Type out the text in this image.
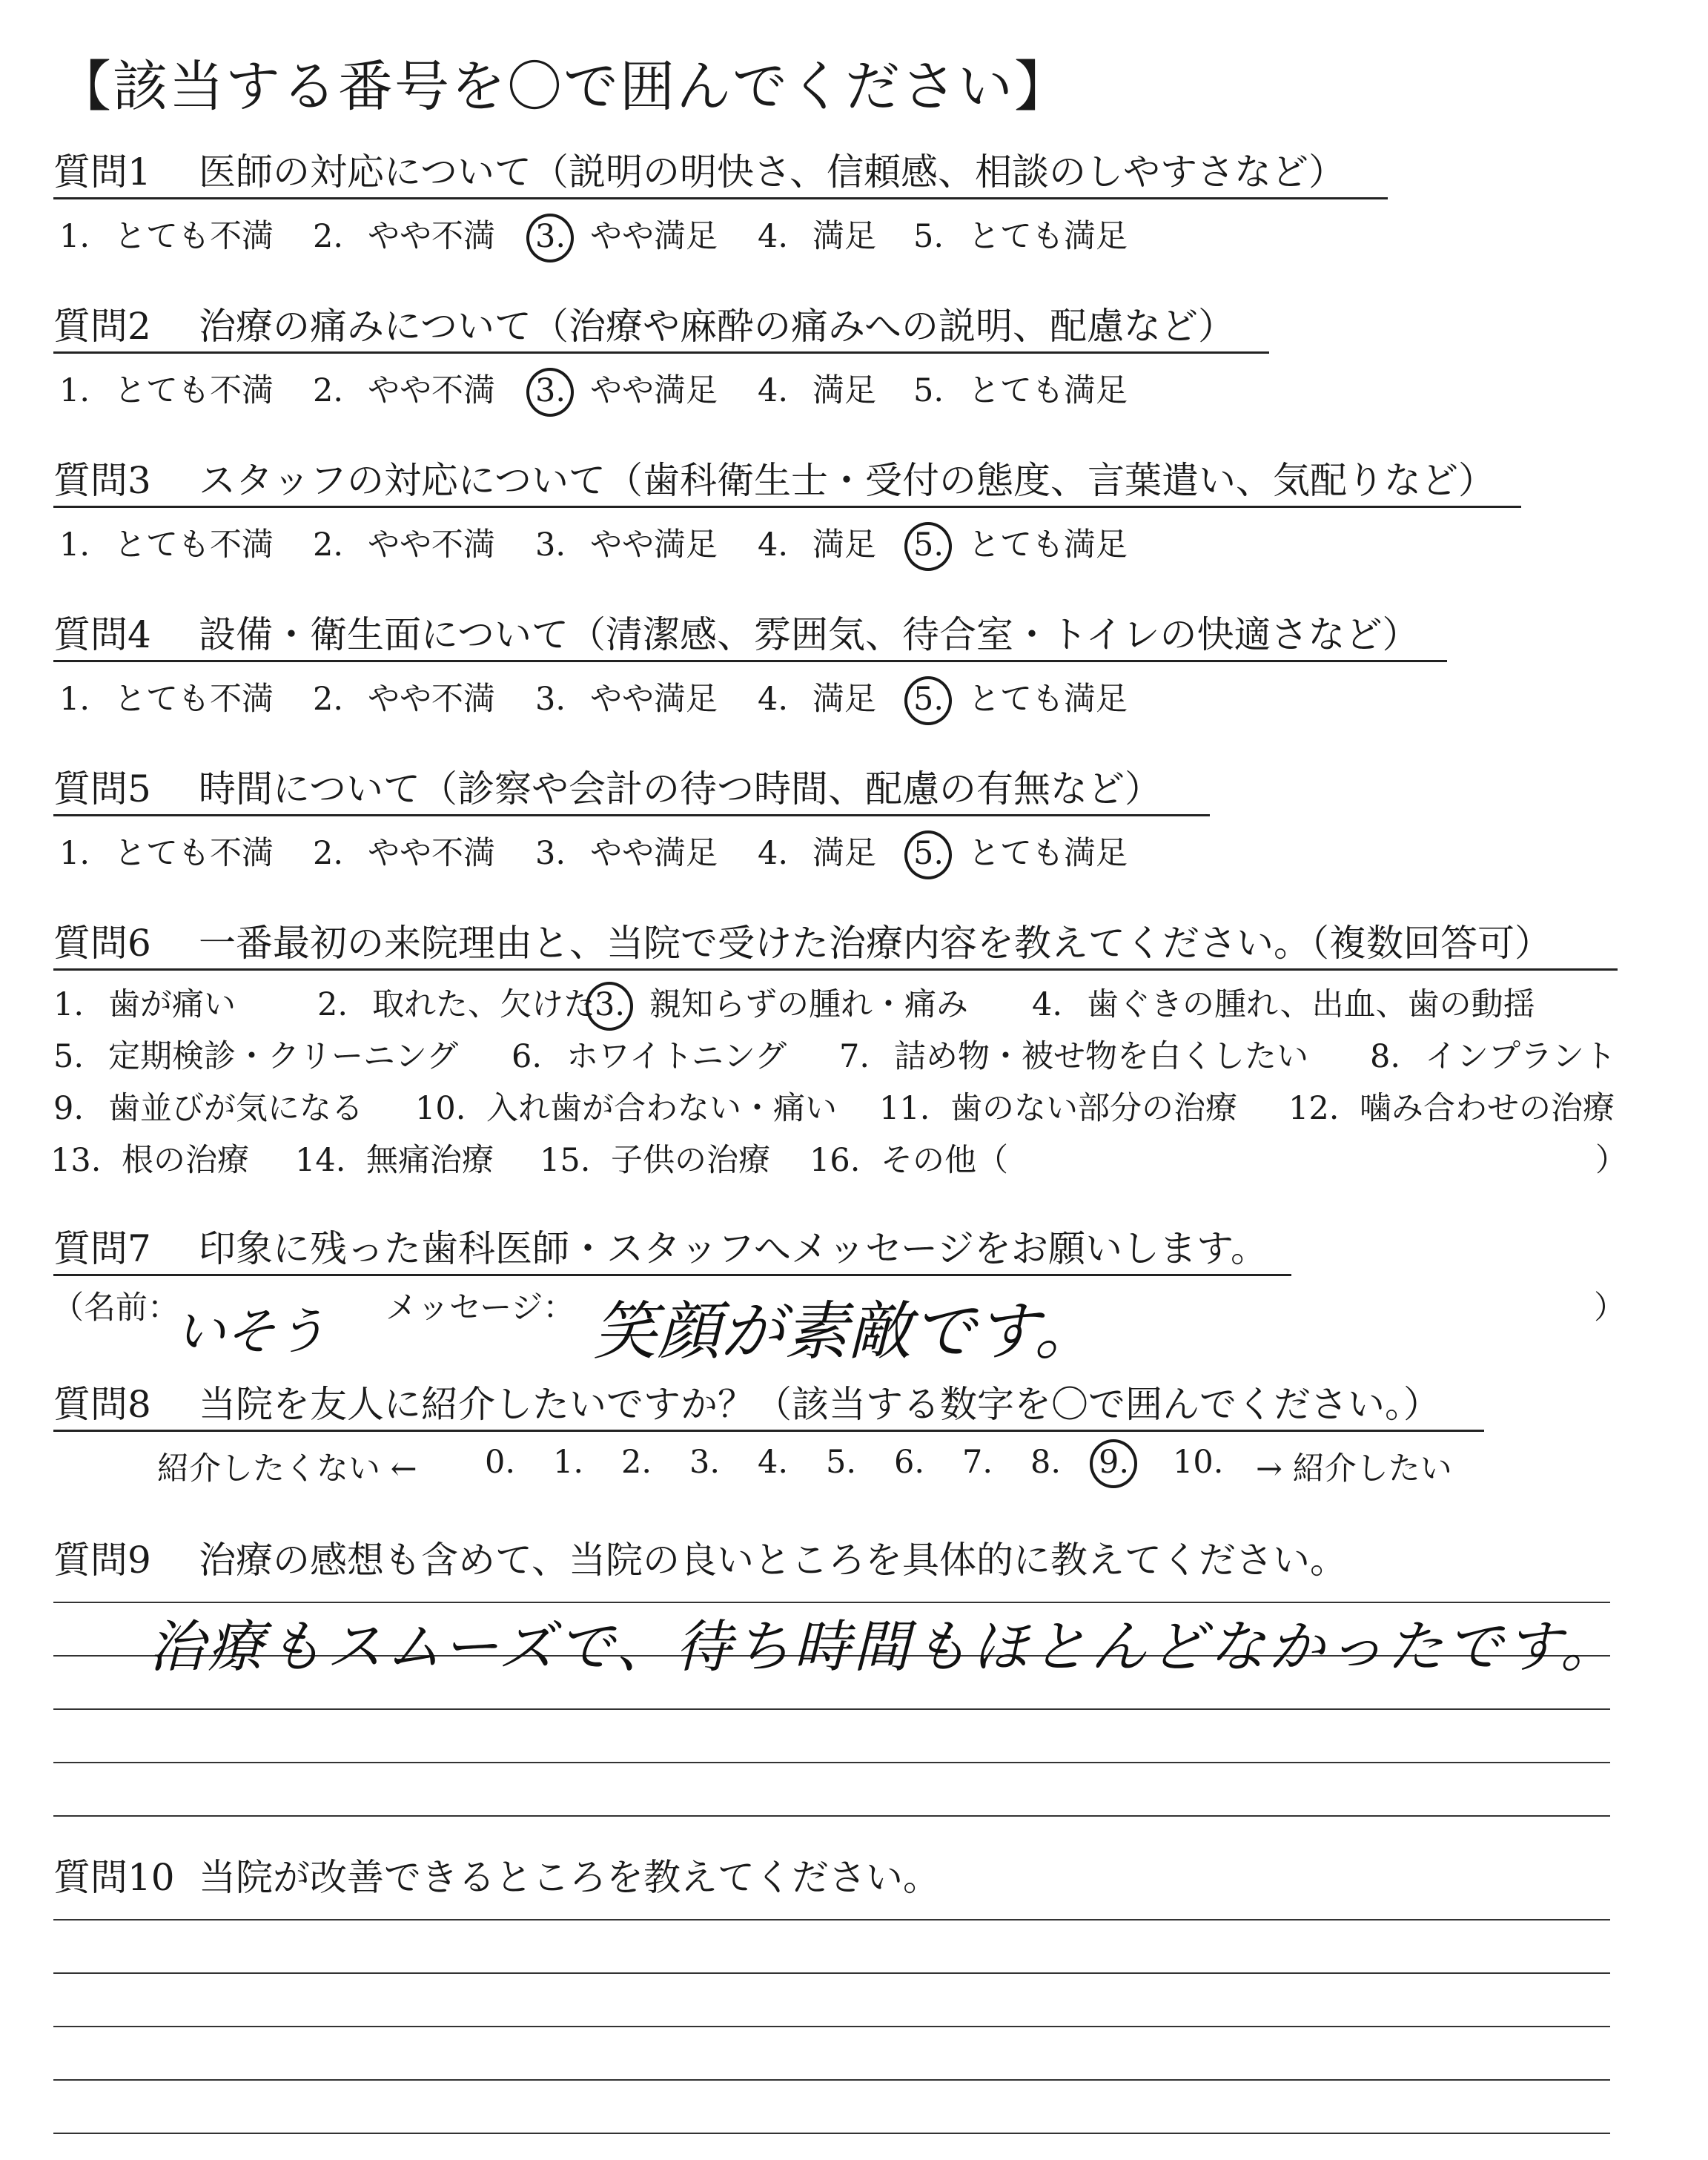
【該当する番号を〇で囲んでください】
質問1 医師の対応について（説明の明快さ、信頼感、相談のしやすさなど）
1. とても不満 2. やや不満 3. やや満足 4. 満足 5. とても満足
質問2 治療の痛みについて（治療や麻酔の痛みへの説明、配慮など）
1. とても不満 2. やや不満 3. やや満足 4. 満足 5. とても満足
質問3 スタッフの対応について（歯科衛生士・受付の態度、言葉遣い、気配りなど）
1. とても不満 2. やや不満 3. やや満足 4. 満足 5. とても満足
質問4 設備・衛生面について（清潔感、雰囲気、待合室・トイレの快適さなど）
1. とても不満 2. やや不満 3. やや満足 4. 満足 5. とても満足
質問5 時間について（診察や会計の待つ時間、配慮の有無など）
1. とても不満 2. やや不満 3. やや満足 4. 満足 5. とても満足
質問6 一番最初の来院理由と、当院で受けた治療内容を教えてください。（複数回答可）
1. 歯が痛い	2. 取れた、欠けた 3. 親知らずの腫れ・痛み 4. 歯ぐきの腫れ、出血、歯の動揺
5. 定期検診・クリーニング 6. ホワイトニング 7. 詰め物・被せ物を白くしたい 8. インプラント
9. 歯並びが気になる 10. 入れ歯が合わない・痛い 11. 歯のない部分の治療 12. 噛み合わせの治療
13. 根の治療 14. 無痛治療 15. 子供の治療 16. その他（	）
質問7 印象に残った歯科医師・スタッフへメッセージをお願いします。
（名前：
いそう メッセージ： 笑顔が素敵です。	）
質問8 当院を友人に紹介したいですか？（該当する数字を〇で囲んでください。）
紹介したくない ← 0.	1.	2.	3.	4.	5.	6.	7.	8.	9.	10.	→ 紹介したい
質問9 治療の感想も含めて、当院の良いところを具体的に教えてください。
治療もスムーズで、待ち時間もほとんどなかったです。
質問10 当院が改善できるところを教えてください。
